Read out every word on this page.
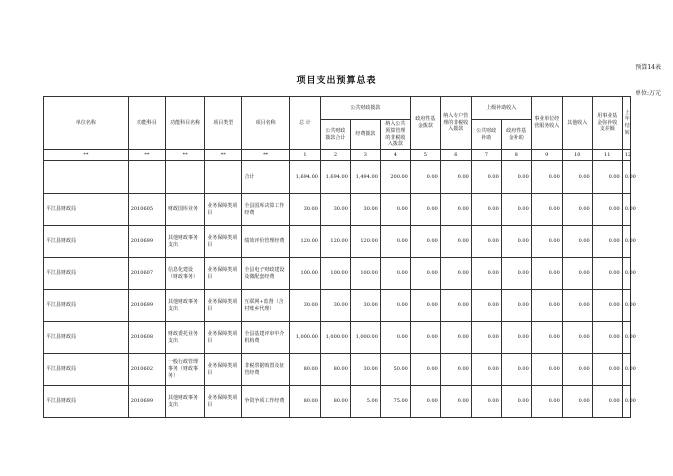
预算14表
项目支出预算总表
单位:万元
单位名称	功能科目	功能科目名称	项目类型	项目名称	总 计	公共财政拨款			政府性基金拨款	纳入专户管理的非税收入拨款	上级补助收入		事业单位经营服务收入	其他收入	用事业基金弥补收支差额	上年结转
						公共财政拨款合计	经费拨款	纳入公共预算管理的非税收入拨款			公共财政补助	政府性基金补助				
**	**	**	**	**	1	2	3	4	5	6	7	8	9	10	11	12
				合计	1,694.00	1,694.00	1,494.00	200.00	0.00	0.00	0.00	0.00	0.00	0.00	0.00	0.00
平江县财政局	2010605	财政国库业务	业务保障类项目	全县国库决算工作经费	30.00	30.00	30.00	0.00	0.00	0.00	0.00	0.00	0.00	0.00	0.00	0.00
平江县财政局	2010699	其他财政事务支出	业务保障类项目	绩效评价管理经费	120.00	120.00	120.00	0.00	0.00	0.00	0.00	0.00	0.00	0.00	0.00	0.00
平江县财政局	2010607	信息化建设（财政事务）	业务保障类项目	全县电子财政建设及微配套经费	100.00	100.00	100.00	0.00	0.00	0.00	0.00	0.00	0.00	0.00	0.00	0.00
平江县财政局	2010699	其他财政事务支出	业务保障类项目	互联网+监督（含村账乡代理）	30.00	30.00	30.00	0.00	0.00	0.00	0.00	0.00	0.00	0.00	0.00	0.00
平江县财政局	2010608	财政委托业务支出	业务保障类项目	全县基建评审中介机构费	1,000.00	1,000.00	1,000.00	0.00	0.00	0.00	0.00	0.00	0.00	0.00	0.00	0.00
平江县财政局	2010602	一般行政管理事务（财政事务）	业务保障类项目	非税票据购置及征管经费	80.00	80.00	30.00	50.00	0.00	0.00	0.00	0.00	0.00	0.00	0.00	0.00
平江县财政局	2010699	其他财政事务支出	业务保障类项目	争资争项工作经费	80.00	80.00	5.00	75.00	0.00	0.00	0.00	0.00	0.00	0.00	0.00	0.00
